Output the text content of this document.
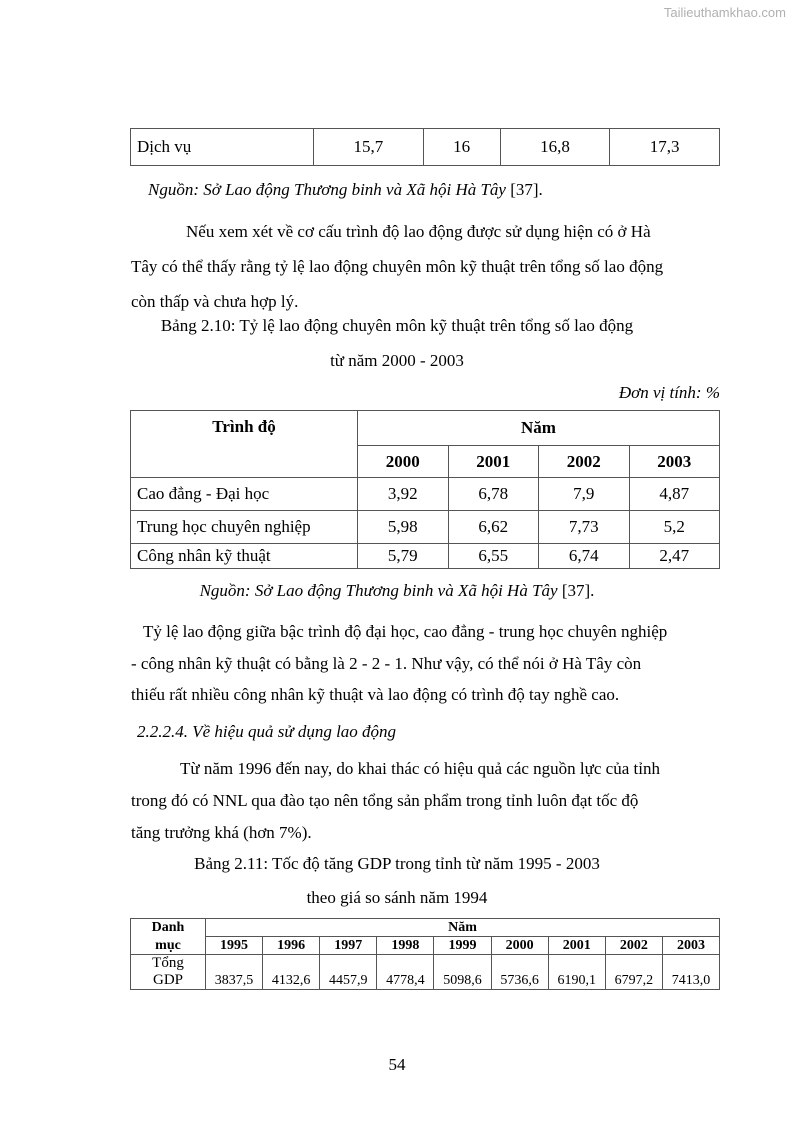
Tailieuthamkhao.com
Dịch vụ	15,7	16	16,8	17,3
Nguồn: Sở Lao động Thương binh và Xã hội Hà Tây [37].
Nếu xem xét về cơ cấu trình độ lao động được sử dụng hiện có ở Hà
Tây có thể thấy rằng tỷ lệ lao động chuyên môn kỹ thuật trên tổng số lao động
còn thấp và chưa hợp lý.
Bảng 2.10: Tỷ lệ lao động chuyên môn kỹ thuật trên tổng số lao động
từ năm 2000 - 2003
Đơn vị tính: %
Trình độ	Năm			
	2000	2001	2002	2003
Cao đẳng - Đại học	3,92	6,78	7,9	4,87
Trung học chuyên nghiệp	5,98	6,62	7,73	5,2
Công nhân kỹ thuật	5,79	6,55	6,74	2,47
Nguồn: Sở Lao động Thương binh và Xã hội Hà Tây [37].
Tỷ lệ lao động giữa bậc trình độ đại học, cao đẳng - trung học chuyên nghiệp
- công nhân kỹ thuật có bằng là 2 - 2 - 1. Như vậy, có thể nói ở Hà Tây còn
thiếu rất nhiều công nhân kỹ thuật và lao động có trình độ tay nghề cao.
2.2.2.4. Về hiệu quả sử dụng lao động
Từ năm 1996 đến nay, do khai thác có hiệu quả các nguồn lực của tỉnh
trong đó có NNL qua đào tạo nên tổng sản phẩm trong tỉnh luôn đạt tốc độ
tăng trưởng khá (hơn 7%).
Bảng 2.11: Tốc độ tăng GDP trong tỉnh từ năm 1995 - 2003
theo giá so sánh năm 1994
Danh	Năm								
mục	1995	1996	1997	1998	1999	2000	2001	2002	2003
Tổng
GDP	3837,5	4132,6	4457,9	4778,4	5098,6	5736,6	6190,1	6797,2	7413,0
54
